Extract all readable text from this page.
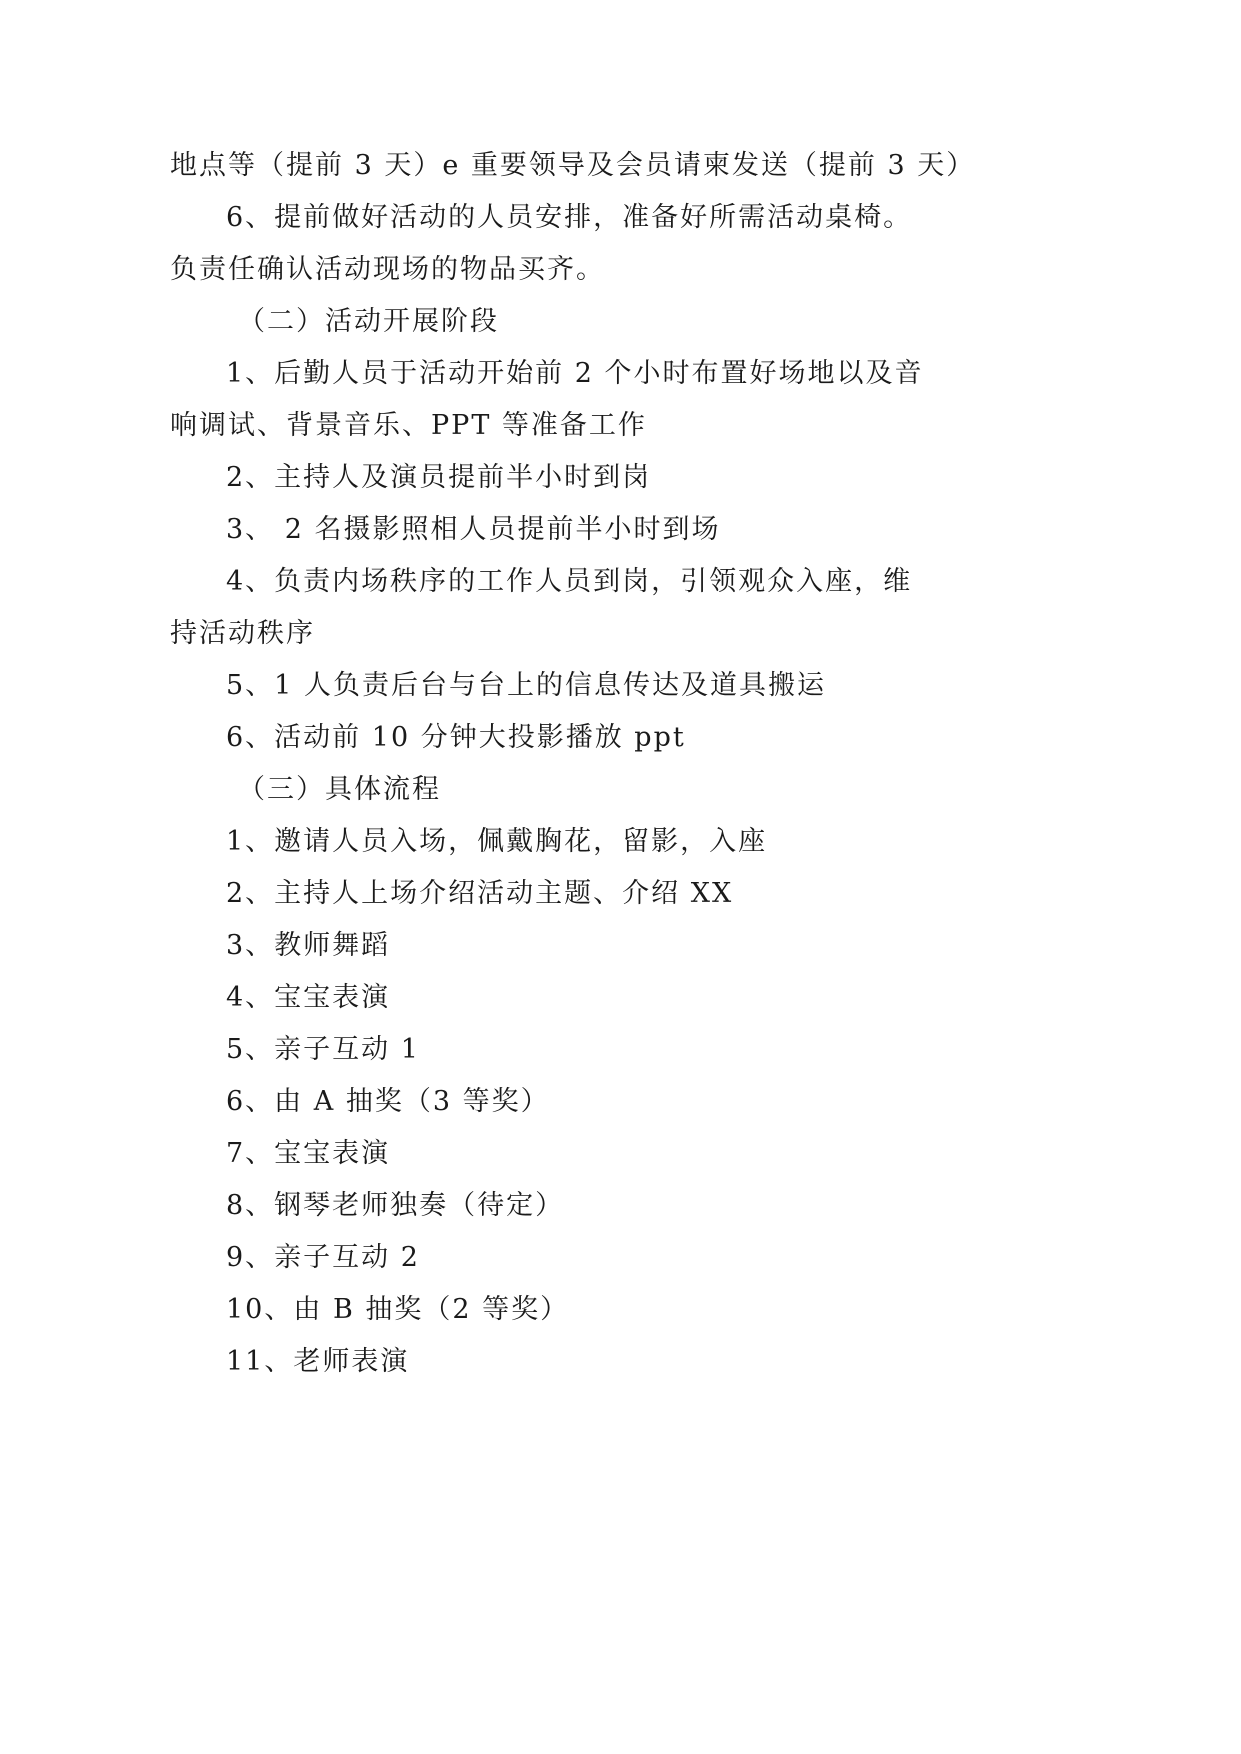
地点等（提前 3 天）e 重要领导及会员请柬发送（提前 3 天）
6、提前做好活动的人员安排，准备好所需活动桌椅。
负责任确认活动现场的物品买齐。
（二）活动开展阶段
1、后勤人员于活动开始前 2 个小时布置好场地以及音
响调试、背景音乐、PPT 等准备工作
2、主持人及演员提前半小时到岗
3、 2 名摄影照相人员提前半小时到场
4、负责内场秩序的工作人员到岗，引领观众入座，维
持活动秩序
5、1 人负责后台与台上的信息传达及道具搬运
6、活动前 10 分钟大投影播放 ppt
（三）具体流程
1、邀请人员入场，佩戴胸花，留影，入座
2、主持人上场介绍活动主题、介绍 XX
3、教师舞蹈
4、宝宝表演
5、亲子互动 1
6、由 A 抽奖（3 等奖）
7、宝宝表演
8、钢琴老师独奏（待定）
9、亲子互动 2
10、由 B 抽奖（2 等奖）
11、老师表演
